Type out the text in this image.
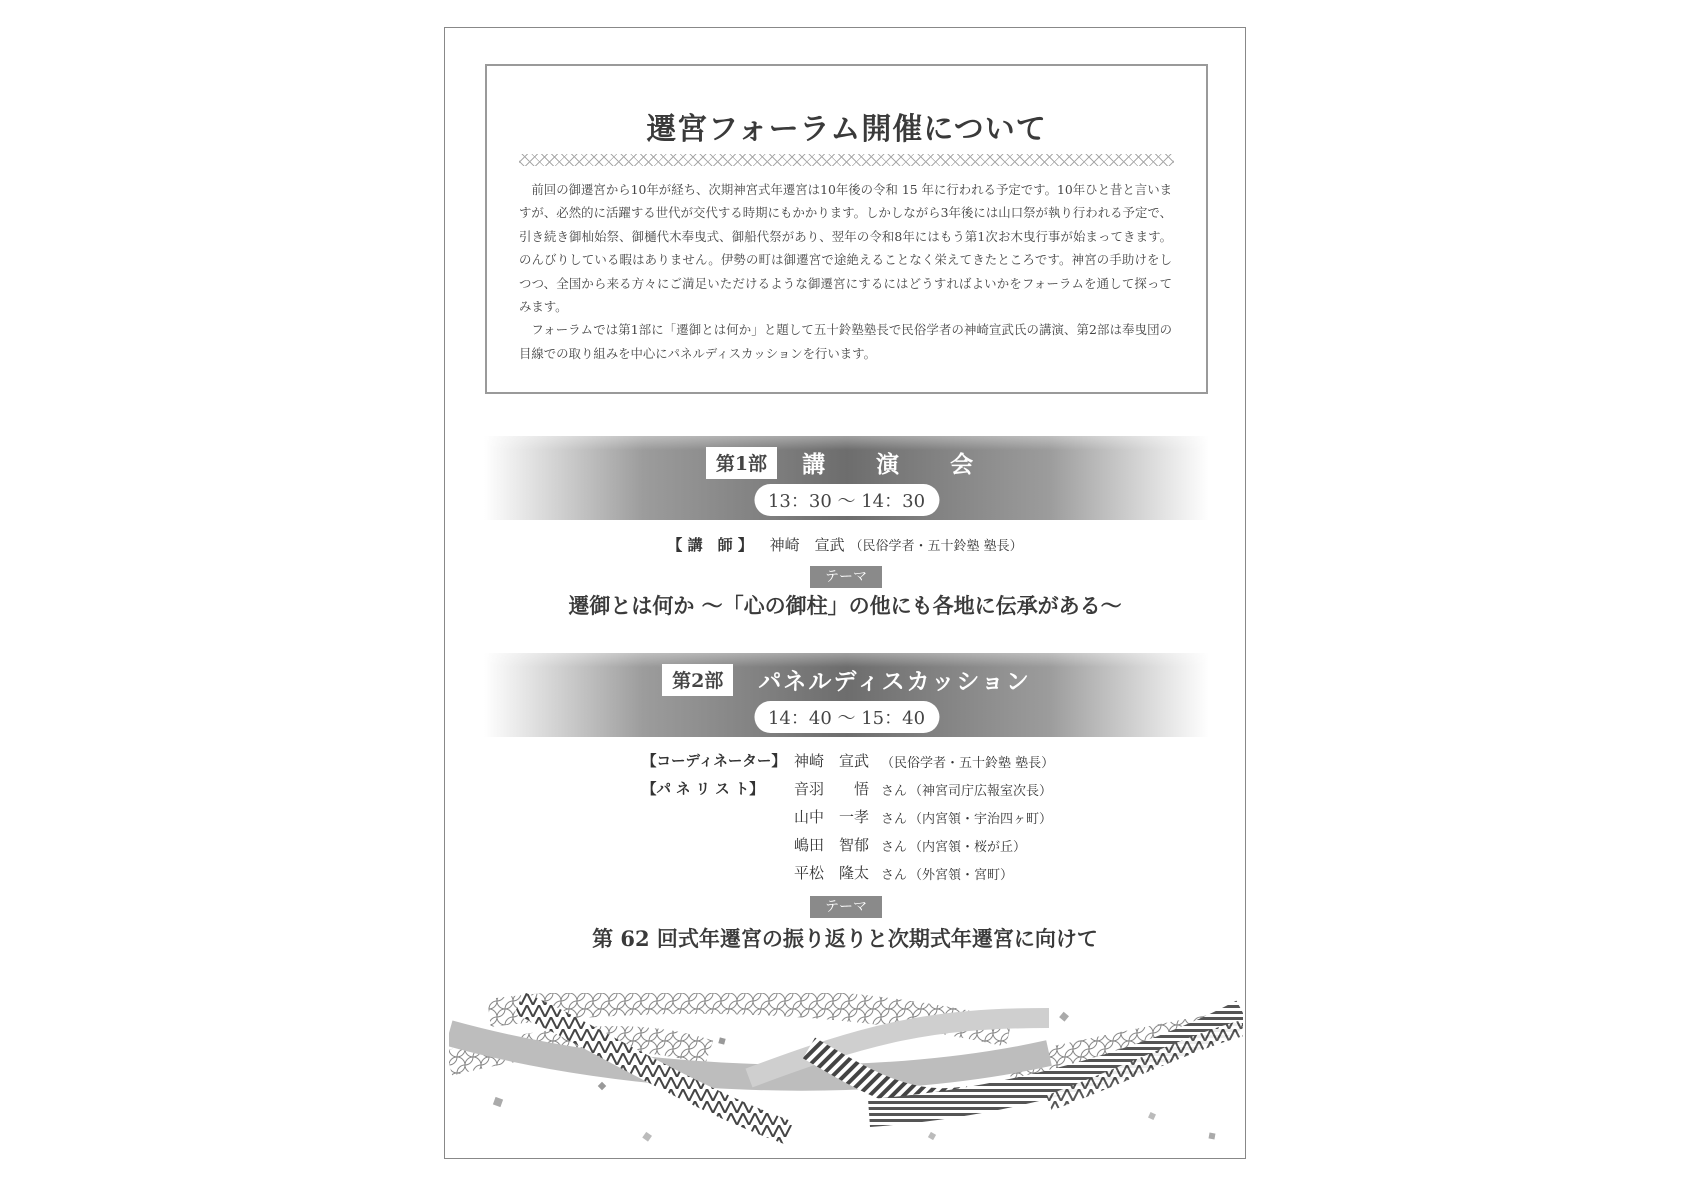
遷宮フォーラム開催について

前回の御遷宮から10年が経ち、次期神宮式年遷宮は10年後の令和 15 年に行われる予定です。10年ひと昔と言いますが、必然的に活躍する世代が交代する時期にもかかります。しかしながら3年後には山口祭が執り行われる予定で、引き続き御杣始祭、御樋代木奉曳式、御船代祭があり、翌年の令和8年にはもう第1次お木曳行事が始まってきます。のんびりしている暇はありません。伊勢の町は御遷宮で途絶えることなく栄えてきたところです。神宮の手助けをしつつ、全国から来る方々にご満足いただけるような御遷宮にするにはどうすればよいかをフォーラムを通して探ってみます。

フォーラムでは第1部に「遷御とは何か」と題して五十鈴塾塾長で民俗学者の神崎宣武氏の講演、第2部は奉曳団の目線での取り組みを中心にパネルディスカッションを行います。

第1部 講　演　会
13：30 ～ 14：30
【 講　師 】 神崎　宣武 （民俗学者・五十鈴塾 塾長）
テーマ
遷御とは何か ～「心の御柱」の他にも各地に伝承がある～
第2部 パネルディスカッション
14：40 ～ 15：40
【コーディネーター】 神崎　宣武 （民俗学者・五十鈴塾 塾長）
【パ ネ リ ス ト】 音羽　　悟 さん （神宮司庁広報室次長）
山中　一孝 さん （内宮領・宇治四ヶ町）
嶋田　智郁 さん （内宮領・桜が丘）
平松　隆太 さん （外宮領・宮町）
テーマ
第 62 回式年遷宮の振り返りと次期式年遷宮に向けて
